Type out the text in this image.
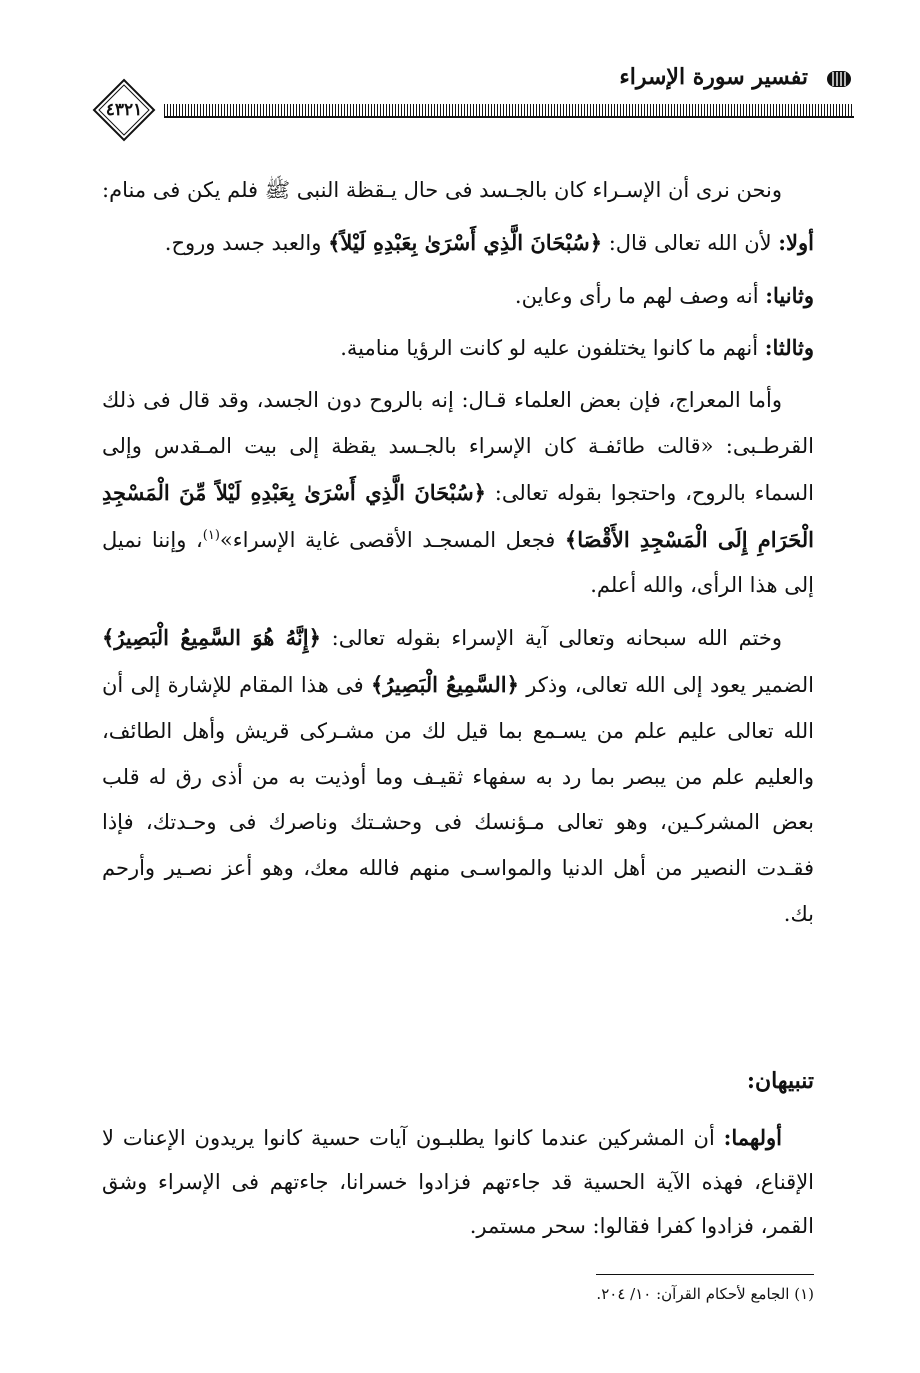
٤٣٢١
تفسير سورة الإسراء

ونحن نرى أن الإسـراء كان بالجـسد فى حال يـقظة النبى ﷺ فلم يكن فى منام:

أولا: لأن الله تعالى قال: ﴿سُبْحَانَ الَّذِي أَسْرَىٰ بِعَبْدِهِ لَيْلاً﴾ والعبد جسد وروح.

وثانيا: أنه وصف لهم ما رأى وعاين.

وثالثا: أنهم ما كانوا يختلفون عليه لو كانت الرؤيا منامية.

وأما المعراج، فإن بعض العلماء قـال: إنه بالروح دون الجسد، وقد قال فى ذلك القرطـبى: «قالت طائفـة كان الإسراء بالجـسد يقظة إلى بيت المـقدس وإلى السماء بالروح، واحتجوا بقوله تعالى: ﴿سُبْحَانَ الَّذِي أَسْرَىٰ بِعَبْدِهِ لَيْلاً مِّنَ الْمَسْجِدِ الْحَرَامِ إِلَى الْمَسْجِدِ الأَقْصَا﴾ فجعل المسجـد الأقصى غاية الإسراء»$^{(١)}$، وإننا نميل إلى هذا الرأى، والله أعلم.

وختم الله سبحانه وتعالى آية الإسراء بقوله تعالى: ﴿إِنَّهُ هُوَ السَّمِيعُ الْبَصِيرُ﴾ الضمير يعود إلى الله تعالى، وذكر ﴿السَّمِيعُ الْبَصِيرُ﴾ فى هذا المقام للإشارة إلى أن الله تعالى عليم علم من يسـمع بما قيل لك من مشـركى قريش وأهل الطائف، والعليم علم من يبصر بما رد به سفهاء ثقيـف وما أوذيت به من أذى رق له قلب بعض المشركـين، وهو تعالى مـؤنسك فى وحشـتك وناصرك فى وحـدتك، فإذا فقـدت النصير من أهل الدنيا والمواسـى منهم فالله معك، وهو أعز نصـير وأرحم بك.

تنبيهان:

أولهما: أن المشركين عندما كانوا يطلبـون آيات حسية كانوا يريدون الإعنات لا الإقناع، فهذه الآية الحسية قد جاءتهم فزادوا خسرانا، جاءتهم فى الإسراء وشق القمر، فزادوا كفرا فقالوا: سحر مستمر.

(١) الجامع لأحكام القرآن: ١٠/ ٢٠٤.
